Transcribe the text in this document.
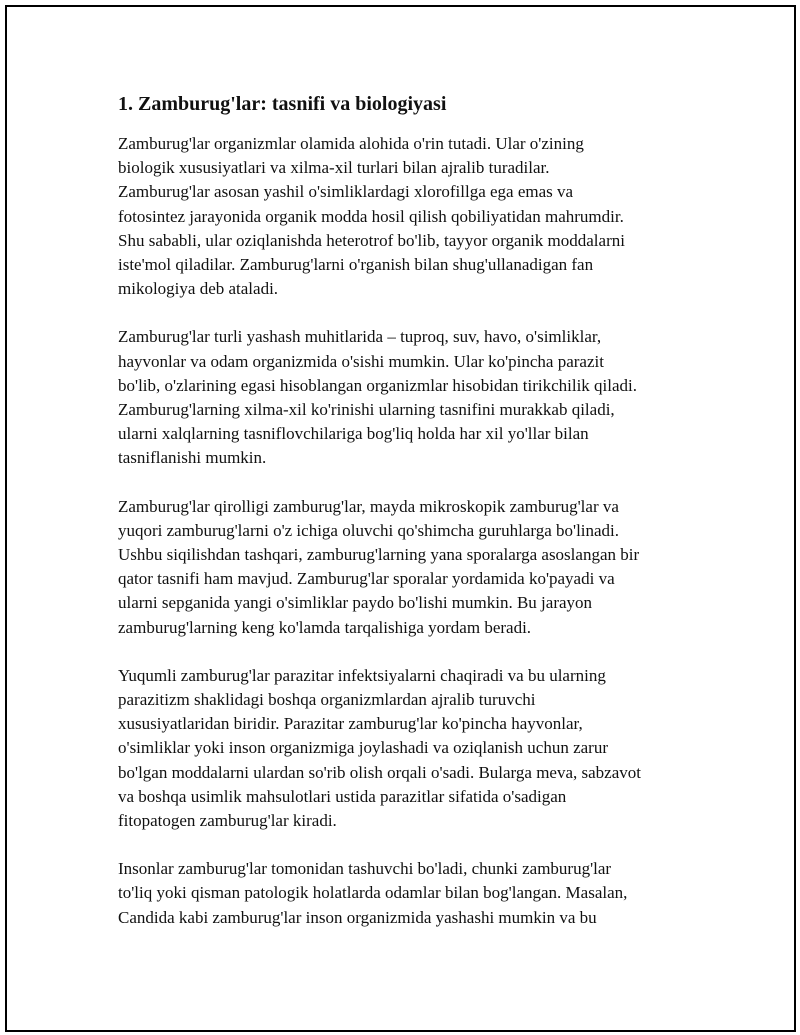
1. Zamburug'lar: tasnifi va biologiyasi

Zamburug'lar organizmlar olamida alohida o'rin tutadi. Ular o'zining
biologik xususiyatlari va xilma-xil turlari bilan ajralib turadilar.
Zamburug'lar asosan yashil o'simliklardagi xlorofillga ega emas va
fotosintez jarayonida organik modda hosil qilish qobiliyatidan mahrumdir.
Shu sababli, ular oziqlanishda heterotrof bo'lib, tayyor organik moddalarni
iste'mol qiladilar. Zamburug'larni o'rganish bilan shug'ullanadigan fan
mikologiya deb ataladi.

Zamburug'lar turli yashash muhitlarida – tuproq, suv, havo, o'simliklar,
hayvonlar va odam organizmida o'sishi mumkin. Ular ko'pincha parazit
bo'lib, o'zlarining egasi hisoblangan organizmlar hisobidan tirikchilik qiladi.
Zamburug'larning xilma-xil ko'rinishi ularning tasnifini murakkab qiladi,
ularni xalqlarning tasniflovchilariga bog'liq holda har xil yo'llar bilan
tasniflanishi mumkin.

Zamburug'lar qirolligi zamburug'lar, mayda mikroskopik zamburug'lar va
yuqori zamburug'larni o'z ichiga oluvchi qo'shimcha guruhlarga bo'linadi.
Ushbu siqilishdan tashqari, zamburug'larning yana sporalarga asoslangan bir
qator tasnifi ham mavjud. Zamburug'lar sporalar yordamida ko'payadi va
ularni sepganida yangi o'simliklar paydo bo'lishi mumkin. Bu jarayon
zamburug'larning keng ko'lamda tarqalishiga yordam beradi.

Yuqumli zamburug'lar parazitar infektsiyalarni chaqiradi va bu ularning
parazitizm shaklidagi boshqa organizmlardan ajralib turuvchi
xususiyatlaridan biridir. Parazitar zamburug'lar ko'pincha hayvonlar,
o'simliklar yoki inson organizmiga joylashadi va oziqlanish uchun zarur
bo'lgan moddalarni ulardan so'rib olish orqali o'sadi. Bularga meva, sabzavot
va boshqa usimlik mahsulotlari ustida parazitlar sifatida o'sadigan
fitopatogen zamburug'lar kiradi.

Insonlar zamburug'lar tomonidan tashuvchi bo'ladi, chunki zamburug'lar
to'liq yoki qisman patologik holatlarda odamlar bilan bog'langan. Masalan,
Candida kabi zamburug'lar inson organizmida yashashi mumkin va bu
